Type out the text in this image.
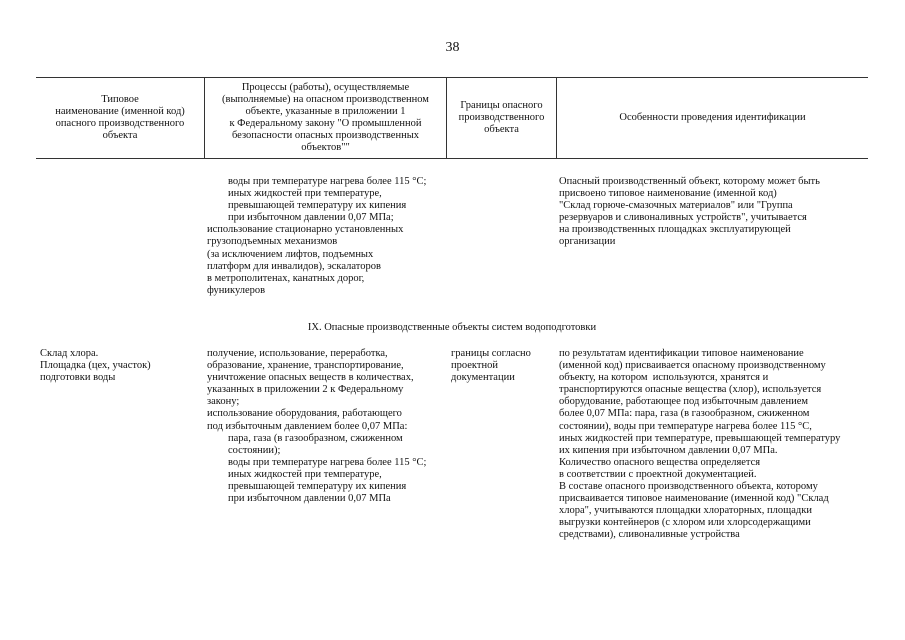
38
Типовое
наименование (именной код)
опасного производственного
объекта
Процессы (работы), осуществляемые
(выполняемые) на опасном производственном
объекте, указанные в приложении 1
к Федеральному закону "О промышленной
безопасности опасных производственных
объектов""
Границы опасного
производственного
объекта
Особенности проведения идентификации
воды при температуре нагрева более 115 °С;
иных жидкостей при температуре,
превышающей температуру их кипения
при избыточном давлении 0,07 МПа;
использование стационарно установленных
грузоподъемных механизмов
(за исключением лифтов, подъемных
платформ для инвалидов), эскалаторов
в метрополитенах, канатных дорог,
фуникулеров
Опасный производственный объект, которому может быть
присвоено типовое наименование (именной код)
"Склад горюче-смазочных материалов" или "Группа
резервуаров и сливоналивных устройств", учитывается
на производственных площадках эксплуатирующей
организации
IX. Опасные производственные объекты систем водоподготовки
Склад хлора.
Площадка (цех, участок)
подготовки воды
получение, использование, переработка,
образование, хранение, транспортирование,
уничтожение опасных веществ в количествах,
указанных в приложении 2 к Федеральному
закону;
использование оборудования, работающего
под избыточным давлением более 0,07 МПа:
пара, газа (в газообразном, сжиженном
состоянии);
воды при температуре нагрева более 115 °С;
иных жидкостей при температуре,
превышающей температуру их кипения
при избыточном давлении 0,07 МПа
границы согласно
проектной
документации
по результатам идентификации типовое наименование
(именной код) присваивается опасному производственному
объекту, на котором  используются, хранятся и
транспортируются опасные вещества (хлор), используется
оборудование, работающее под избыточным давлением
более 0,07 МПа: пара, газа (в газообразном, сжиженном
состоянии), воды при температуре нагрева более 115 °С,
иных жидкостей при температуре, превышающей температуру
их кипения при избыточном давлении 0,07 МПа.
Количество опасного вещества определяется
в соответствии с проектной документацией.
В составе опасного производственного объекта, которому
присваивается типовое наименование (именной код) "Склад
хлора", учитываются площадки хлораторных, площадки
выгрузки контейнеров (с хлором или хлорсодержащими
средствами), сливоналивные устройства
